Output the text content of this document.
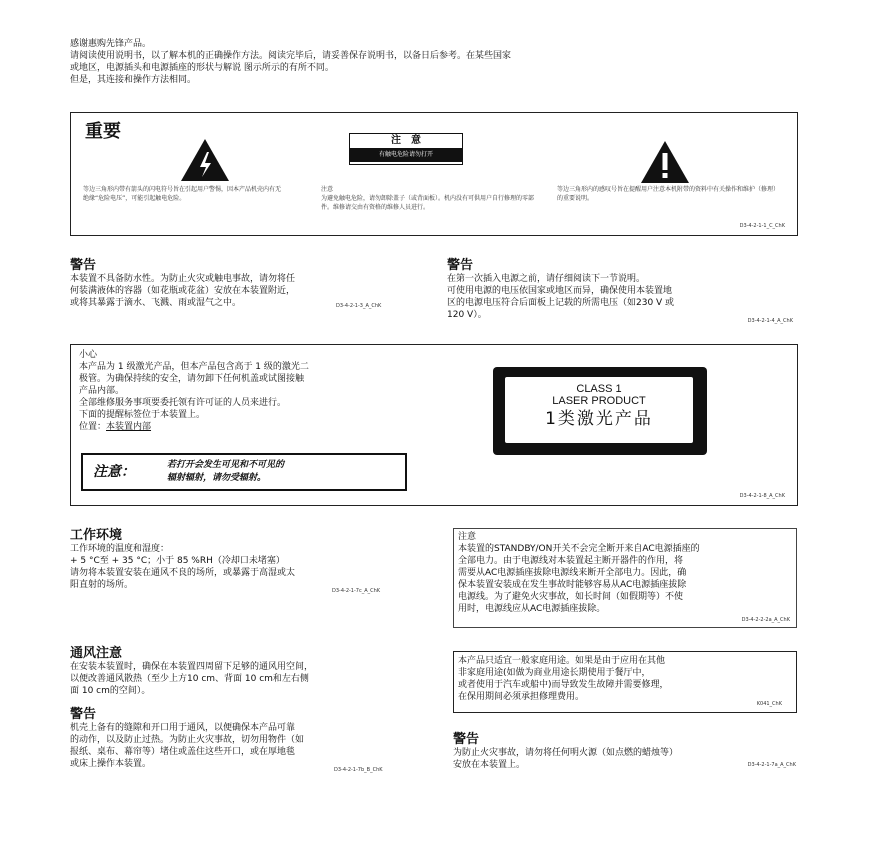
感谢惠购先锋产品。
请阅读使用说明书，以了解本机的正确操作方法。阅读完毕后，请妥善保存说明书，以备日后参考。在某些国家
或地区，电源插头和电源插座的形状与解说 图示所示的有所不同。
但是，其连接和操作方法相同。
重要	注　意
有触电危险请勿打开
等边三角形内带有箭头的闪电符号旨在引起用户警惕，因本产品机壳内有无绝缘“危险电压”，可能引起触电危险。
注意
为避免触电危险，请勿卸除盖子（或背面板）。机内没有可供用户自行修理的零部件。维修请交由有资格的维修人员进行。
等边三角形内的感叹号旨在提醒用户注意本机附带的资料中有关操作和维护（修理）的重要说明。
D3-4-2-1-1_C_ChK
警告
本装置不具备防水性。为防止火灾或触电事故，请勿将任
何装满液体的容器（如花瓶或花盆）安放在本装置附近，
或将其暴露于滴水、飞溅、雨或湿气之中。	D3-4-2-1-3_A_ChK
警告
在第一次插入电源之前，请仔细阅读下一节说明。
可使用电源的电压依国家或地区而异，确保使用本装置地
区的电源电压符合后面板上记载的所需电压（如230 V 或
120 V）。
D3-4-2-1-4_A_ChK
小心
本产品为 1 级激光产品，但本产品包含高于 1 级的激光二
极管。为确保持续的安全，请勿卸下任何机盖或试图接触
产品内部。
全部维修服务事项要委托领有许可证的人员来进行。
下面的提醒标签位于本装置上。
位置：本装置内部
注意：	若打开会发生可见和不可见的
辐射辐射，请勿受辐射。
CLASS 1
LASER PRODUCT
1类激光产品
D3-4-2-1-8_A_ChK
工作环境
工作环境的温度和湿度：
+ 5 °C至 + 35 °C；小于 85 %RH（冷却口未堵塞）
请勿将本装置安装在通风不良的场所，或暴露于高湿或太
阳直射的场所。
D3-4-2-1-7c_A_ChK
注意
本装置的STANDBY/ON开关不会完全断开来自AC电源插座的
全部电力。由于电源线对本装置起主断开器件的作用，将
需要从AC电源插座拔除电源线来断开全部电力。因此，确
保本装置安装成在发生事故时能够容易从AC电源插座拔除
电源线。为了避免火灾事故，如长时间（如假期等）不使
用时，电源线应从AC电源插座拔除。
D3-4-2-2-2a_A_ChK
通风注意
在安装本装置时，确保在本装置四周留下足够的通风用空间，
以便改善通风散热（至少上方10 cm、背面 10 cm和左右侧
面 10 cm的空间）。
警告
机壳上备有的缝隙和开口用于通风，以便确保本产品可靠
的动作，以及防止过热。为防止火灾事故，切勿用物件（如
报纸、桌布、幕帘等）堵住或盖住这些开口，或在厚地毯
或床上操作本装置。
D3-4-2-1-7b_B_ChK
本产品只适宜一般家庭用途。如果是由于应用在其他
非家庭用途(如做为商业用途长期使用于餐厅中，
或者使用于汽车或船中)而导致发生故障并需要修理，
在保用期间必须承担修理费用。
K041_ChK
警告
为防止火灾事故，请勿将任何明火源（如点燃的蜡烛等）
安放在本装置上。	D3-4-2-1-7a_A_ChK
